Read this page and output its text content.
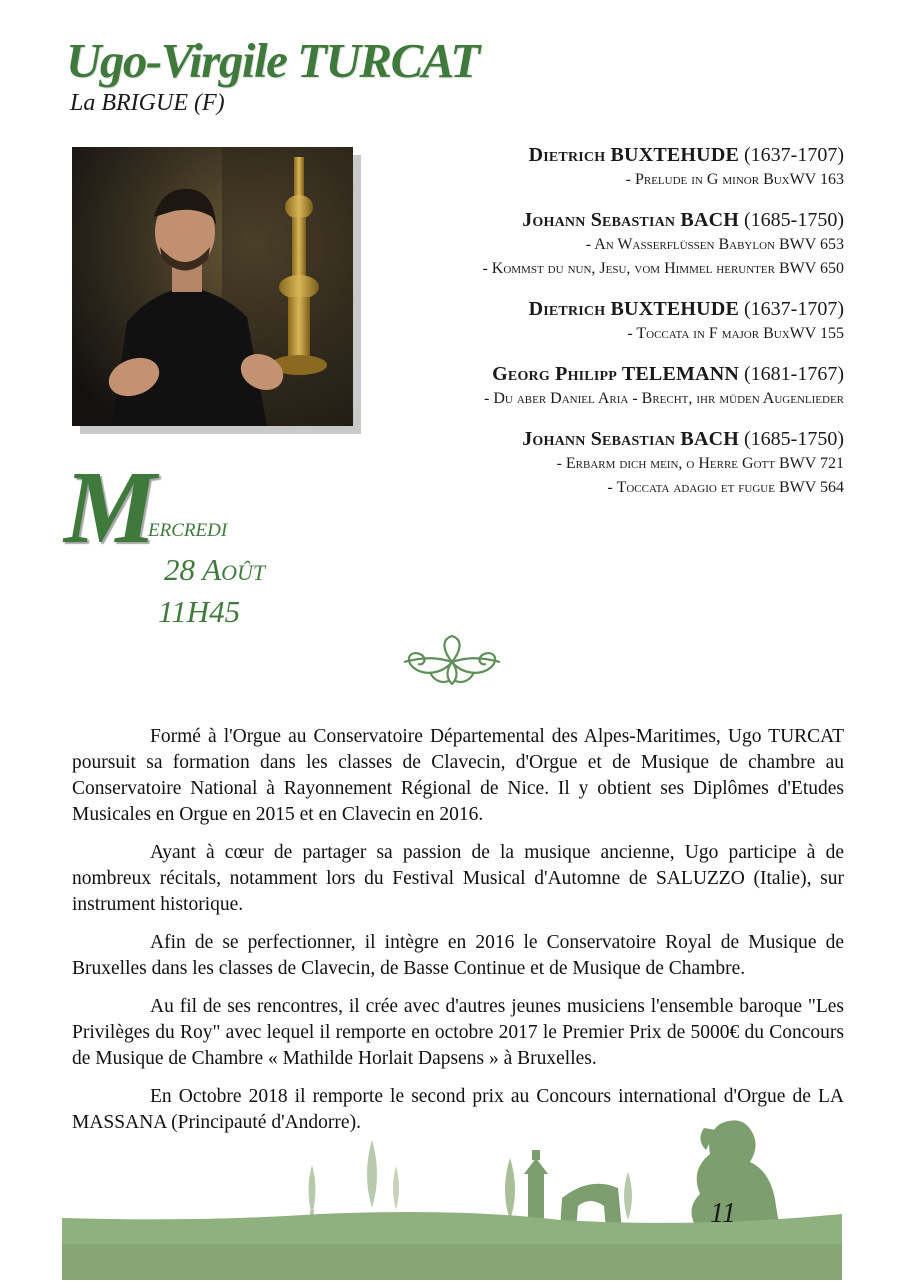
Ugo-Virgile TURCAT
La BRIGUE (F)
Dietrich BUXTEHUDE (1637-1707)
- Prelude in G minor BuxWV 163
Johann Sebastian BACH (1685-1750)
- An Wasserflüssen Babylon BWV 653
- Kommst du nun, Jesu, vom Himmel herunter BWV 650
Dietrich BUXTEHUDE (1637-1707)
- Toccata in F major BuxWV 155
Georg Philipp TELEMANN (1681-1767)
- Du aber Daniel Aria - Brecht, ihr müden Augenlieder
Johann Sebastian BACH (1685-1750)
- Erbarm dich mein, o Herre Gott BWV 721
- Toccata adagio et fugue BWV 564
M
ercredi
28 Août
11H45

Formé à l'Orgue au Conservatoire Départemental des Alpes-Maritimes, Ugo TURCAT poursuit sa formation dans les classes de Clavecin, d'Orgue et de Musique de chambre au Conservatoire National à Rayonnement Régional de Nice. Il y obtient ses Diplômes d'Etudes Musicales en Orgue en 2015 et en Clavecin en 2016.

Ayant à cœur de partager sa passion de la musique ancienne, Ugo participe à de nombreux récitals, notamment lors du Festival Musical d'Automne de SALUZZO (Italie), sur instrument historique.

Afin de se perfectionner, il intègre en 2016 le Conservatoire Royal de Musique de Bruxelles dans les classes de Clavecin, de Basse Continue et de Musique de Chambre.

Au fil de ses rencontres, il crée avec d'autres jeunes musiciens l'ensemble baroque "Les Privilèges du Roy" avec lequel il remporte en octobre 2017 le Premier Prix de 5000€ du Concours de Musique de Chambre « Mathilde Horlait Dapsens » à Bruxelles.

En Octobre 2018 il remporte le second prix au Concours international d'Orgue de LA MASSANA (Principauté d'Andorre).

11
